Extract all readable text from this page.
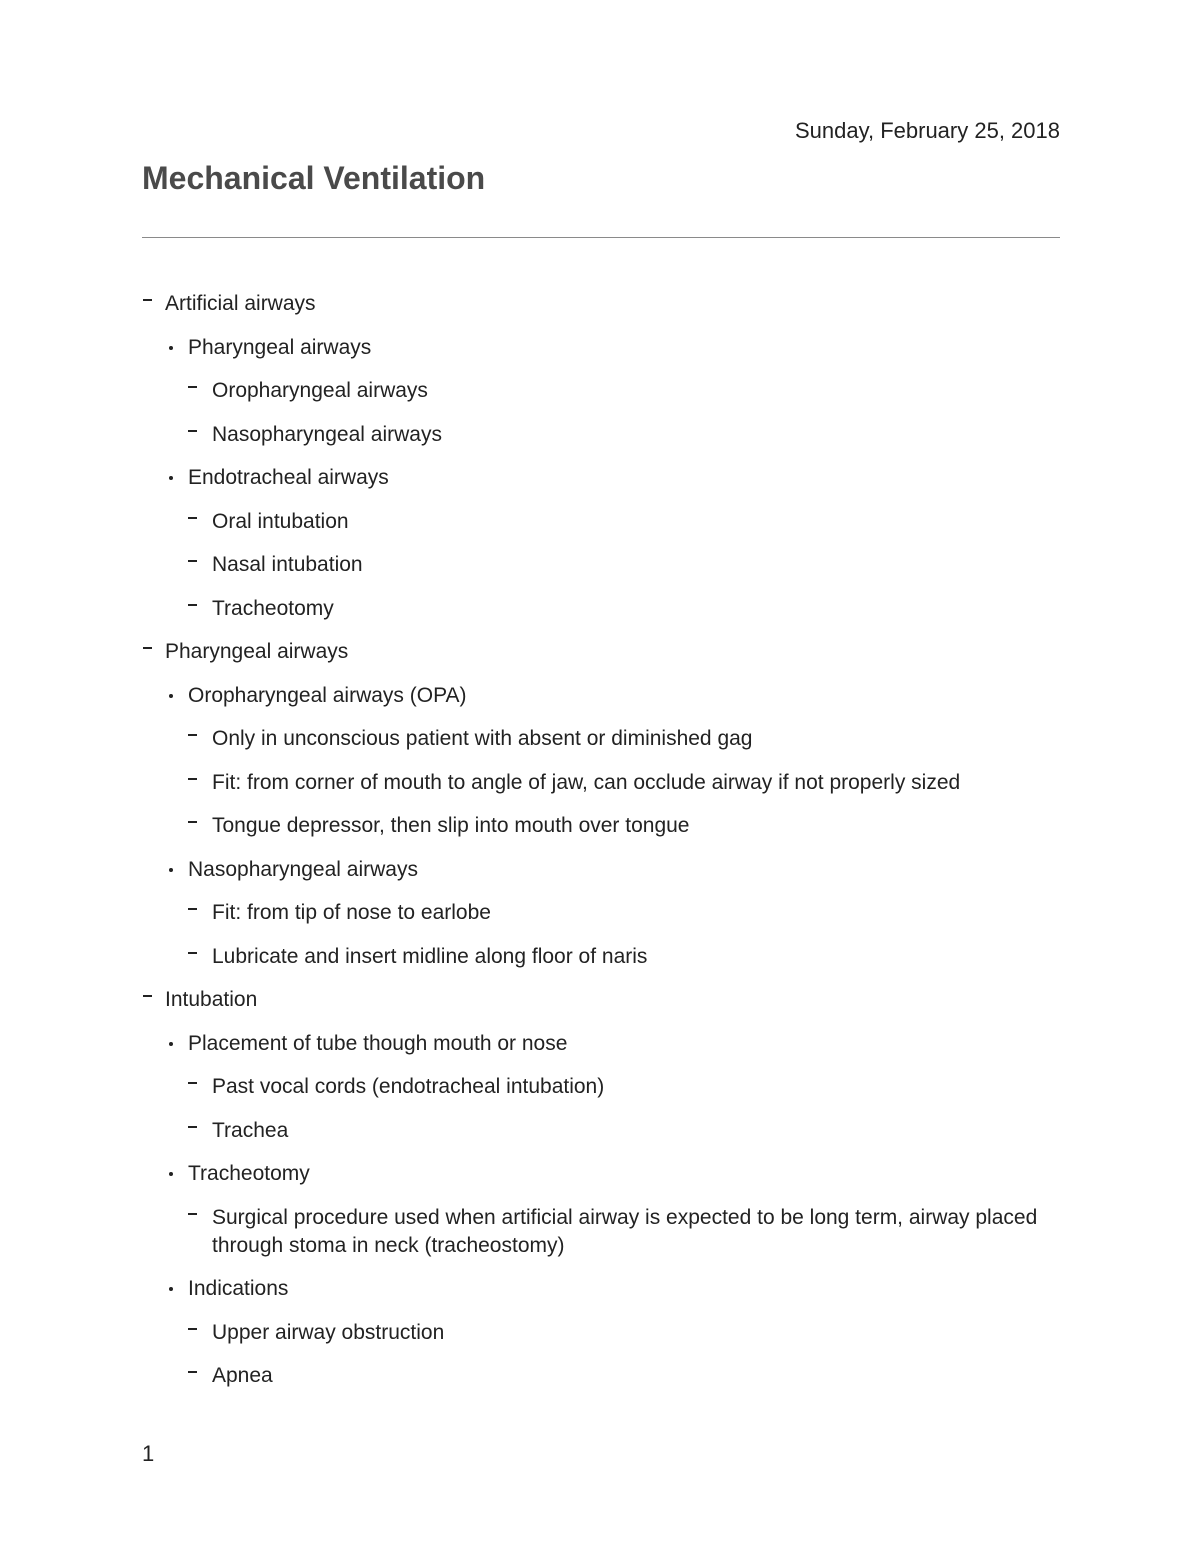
Sunday, February 25, 2018
Mechanical Ventilation
Artificial airways
Pharyngeal airways
Oropharyngeal airways
Nasopharyngeal airways
Endotracheal airways
Oral intubation
Nasal intubation
Tracheotomy
Pharyngeal airways
Oropharyngeal airways (OPA)
Only in unconscious patient with absent or diminished gag
Fit: from corner of mouth to angle of jaw, can occlude airway if not properly sized
Tongue depressor, then slip into mouth over tongue
Nasopharyngeal airways
Fit: from tip of nose to earlobe
Lubricate and insert midline along floor of naris
Intubation
Placement of tube though mouth or nose
Past vocal cords (endotracheal intubation)
Trachea
Tracheotomy
Surgical procedure used when artificial airway is expected to be long term, airway placed through stoma in neck (tracheostomy)
Indications
Upper airway obstruction
Apnea
1
